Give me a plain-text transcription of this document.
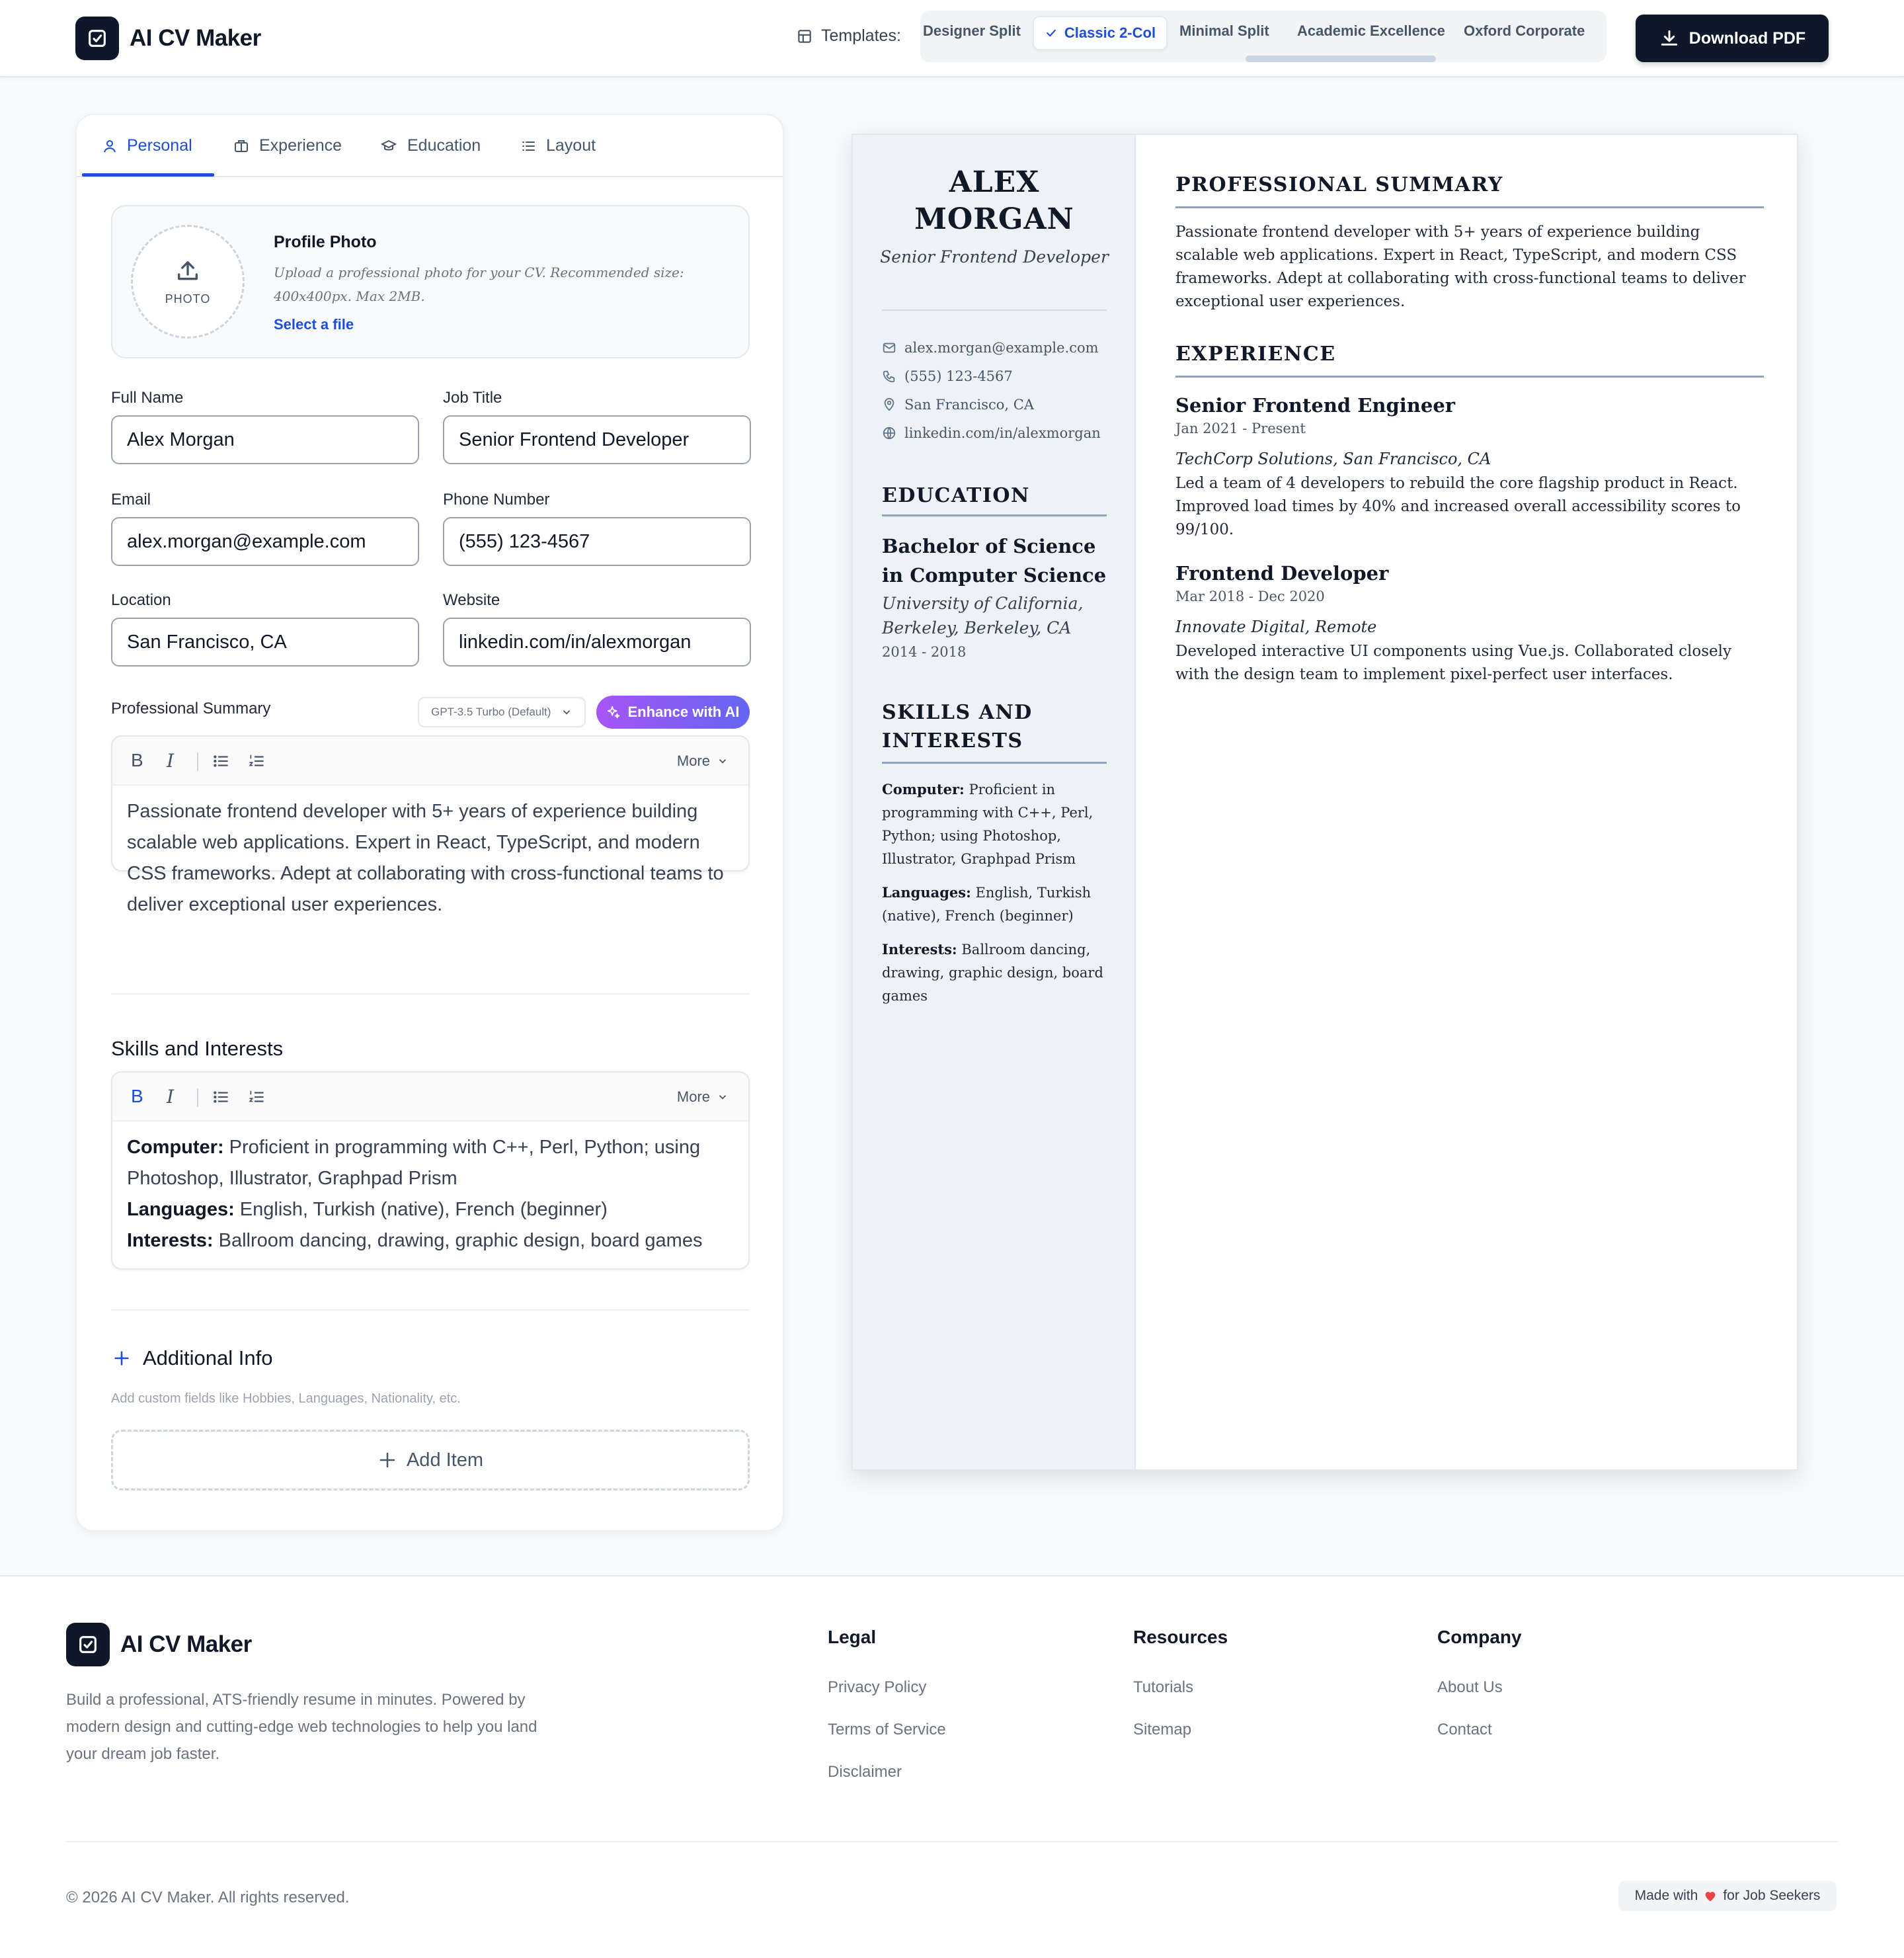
AI CV Maker	Templates: Designer Split	Classic 2-Col Minimal Split Academic Excellence Oxford Corporate	Download PDF
Personal	Experience	Education	Layout
PHOTO
Profile Photo
Upload a professional photo for your CV. Recommended size: 400x400px. Max 2MB.
Select a file
Full Name
Alex Morgan
Job Title
Senior Frontend Developer
Email
alex.morgan@example.com
Phone Number
(555) 123-4567
Location
San Francisco, CA
Website
linkedin.com/in/alexmorgan
Professional Summary	GPT-3.5 Turbo (Default)	Enhance with AI
B I	More
Passionate frontend developer with 5+ years of experience building scalable web applications. Expert in React, TypeScript, and modern CSS frameworks. Adept at collaborating with cross-functional teams to deliver exceptional user experiences.
Skills and Interests
B I	More
Computer: Proficient in programming with C++, Perl, Python; using Photoshop, Illustrator, Graphpad Prism
Languages: English, Turkish (native), French (beginner)
Interests: Ballroom dancing, drawing, graphic design, board games
Additional Info
Add custom fields like Hobbies, Languages, Nationality, etc.
Add Item
ALEX
MORGAN
Senior Frontend Developer
alex.morgan@example.com
(555) 123-4567
San Francisco, CA
linkedin.com/in/alexmorgan
EDUCATION
Bachelor of Science in Computer Science
University of California, Berkeley, Berkeley, CA
2014 - 2018
SKILLS AND
INTERESTS
Computer: Proficient in programming with C++, Perl, Python; using Photoshop, Illustrator, Graphpad Prism
Languages: English, Turkish (native), French (beginner)
Interests: Ballroom dancing, drawing, graphic design, board games
PROFESSIONAL SUMMARY
Passionate frontend developer with 5+ years of experience building scalable web applications. Expert in React, TypeScript, and modern CSS frameworks. Adept at collaborating with cross-functional teams to deliver exceptional user experiences.
EXPERIENCE
Senior Frontend Engineer
Jan 2021 - Present
TechCorp Solutions, San Francisco, CA
Led a team of 4 developers to rebuild the core flagship product in React. Improved load times by 40% and increased overall accessibility scores to 99/100.
Frontend Developer
Mar 2018 - Dec 2020
Innovate Digital, Remote
Developed interactive UI components using Vue.js. Collaborated closely with the design team to implement pixel-perfect user interfaces.
AI CV Maker
Build a professional, ATS-friendly resume in minutes. Powered by modern design and cutting-edge web technologies to help you land your dream job faster.
Legal
Privacy Policy
Terms of Service
Disclaimer
Resources
Tutorials
Sitemap
Company
About Us
Contact
© 2026 AI CV Maker. All rights reserved.	Made with for Job Seekers
